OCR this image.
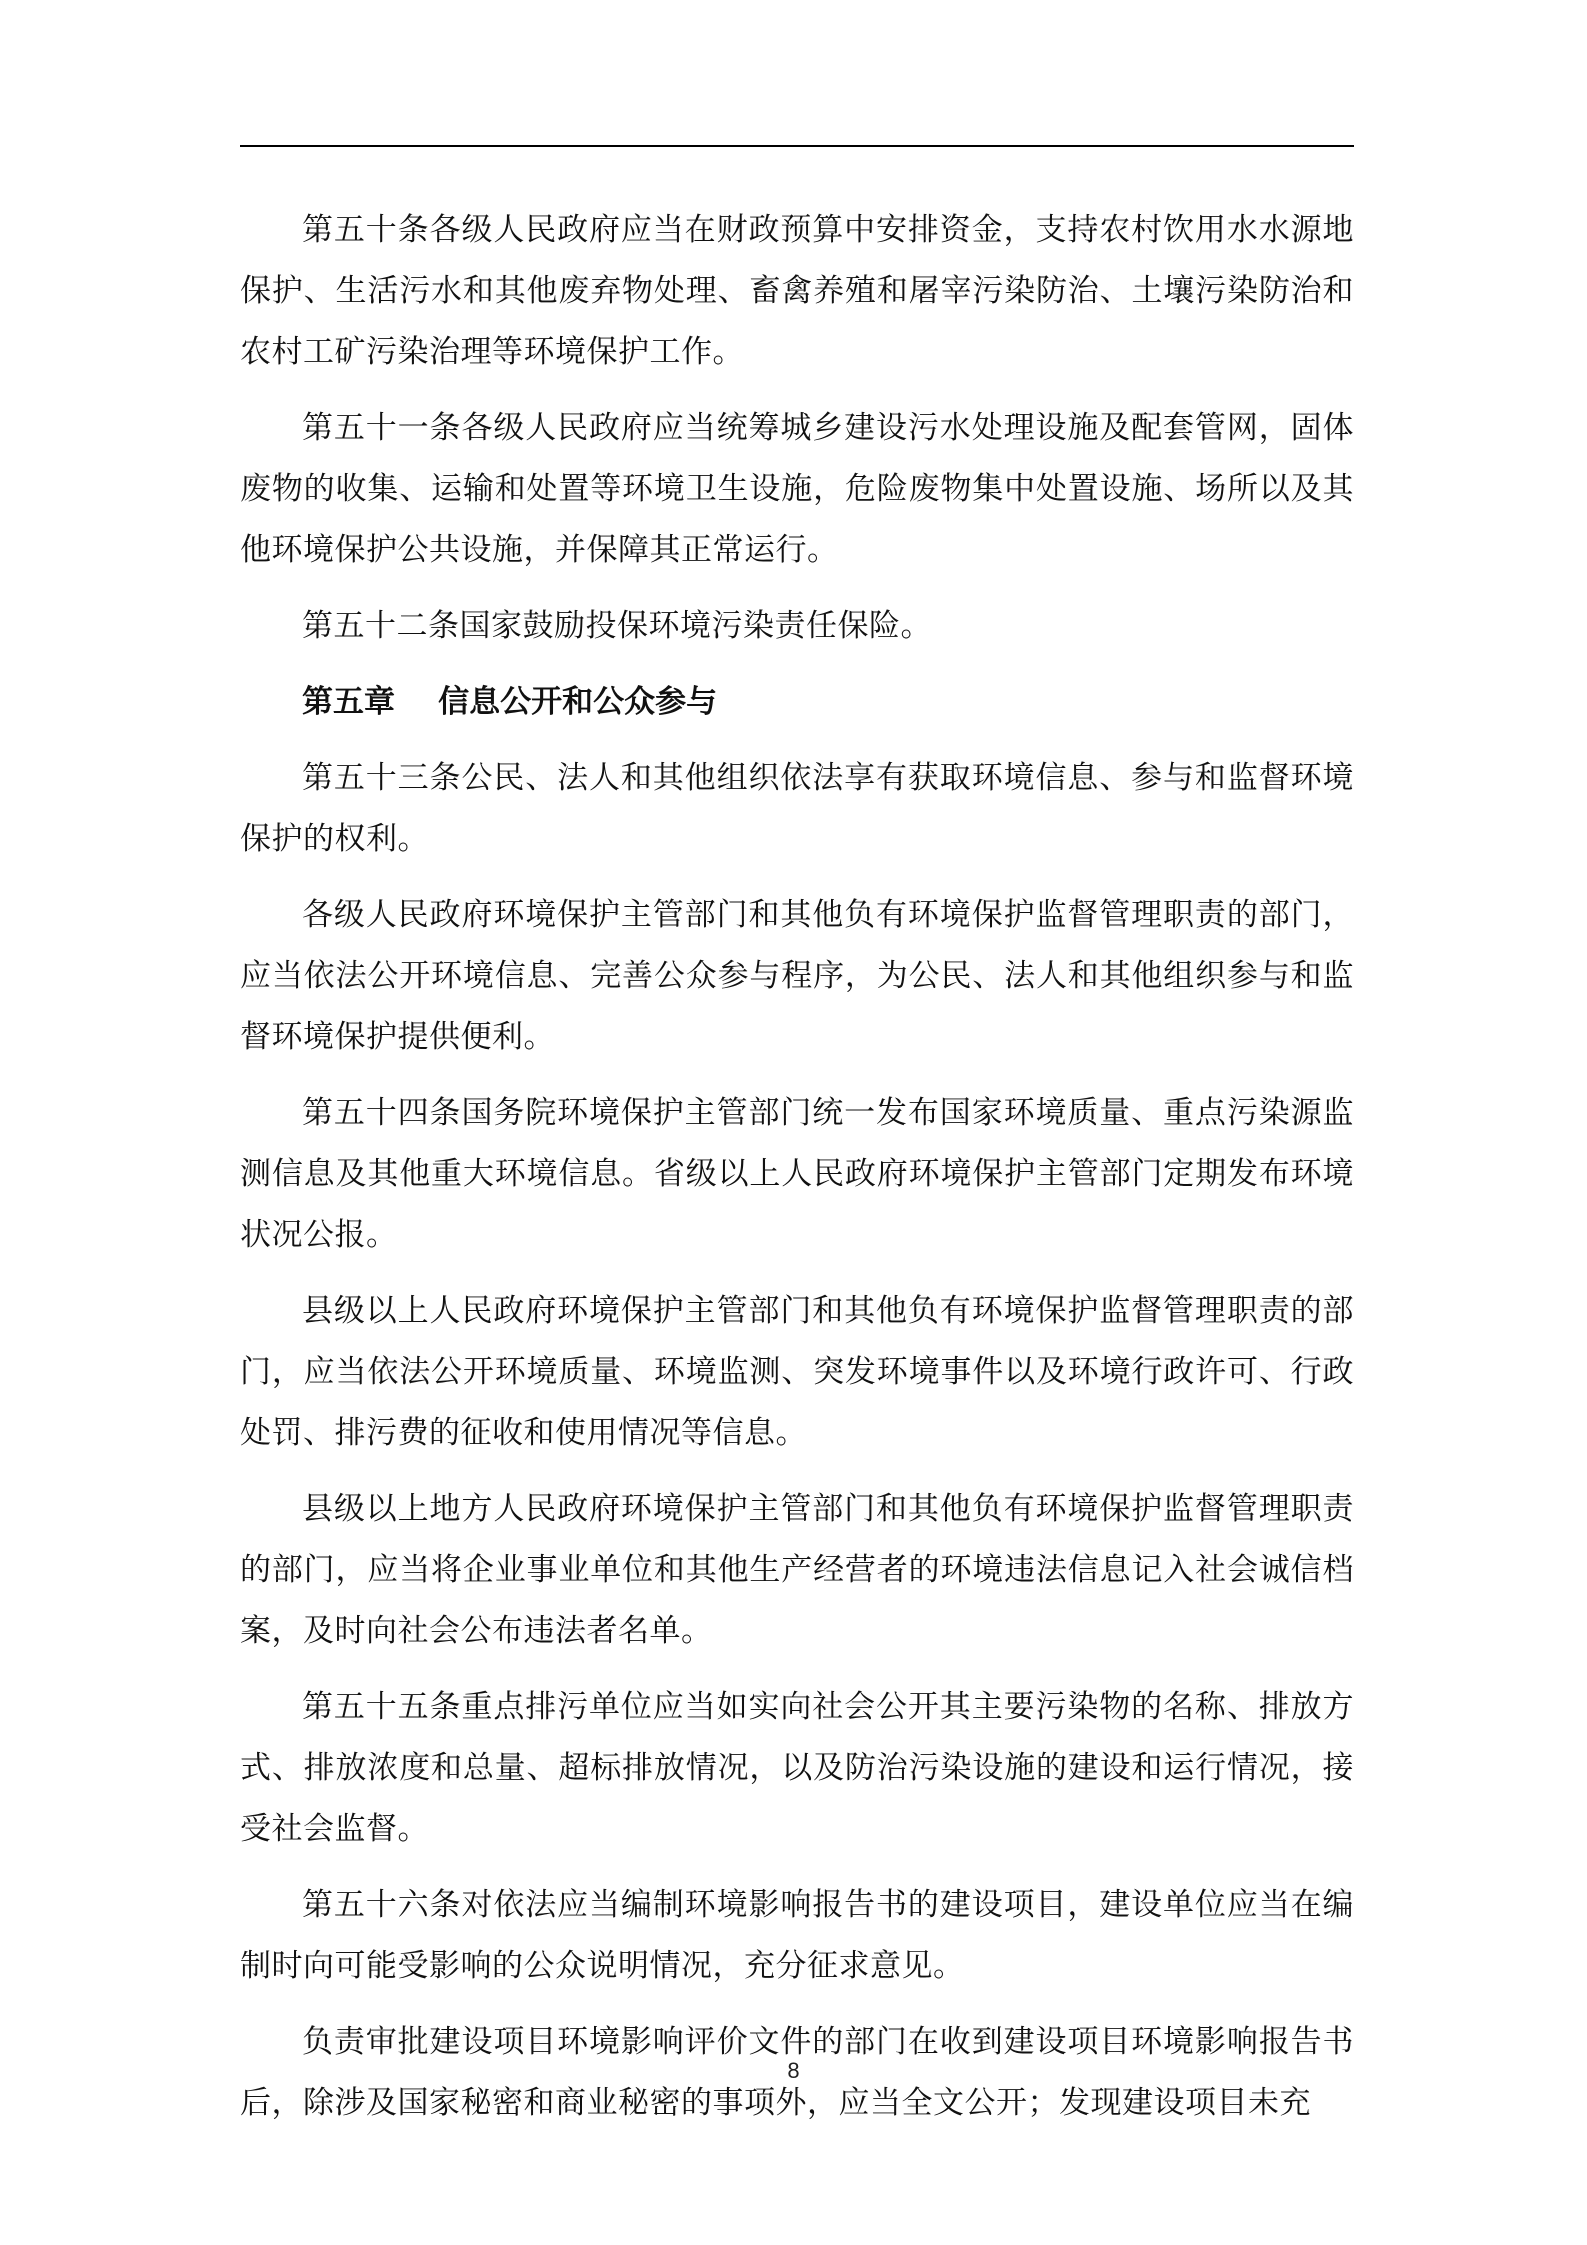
第五十条各级人民政府应当在财政预算中安排资金，支持农村饮用水水源地保护、生活污水和其他废弃物处理、畜禽养殖和屠宰污染防治、土壤污染防治和农村工矿污染治理等环境保护工作。

第五十一条各级人民政府应当统筹城乡建设污水处理设施及配套管网，固体废物的收集、运输和处置等环境卫生设施，危险废物集中处置设施、场所以及其他环境保护公共设施，并保障其正常运行。

第五十二条国家鼓励投保环境污染责任保险。

第五章    信息公开和公众参与

第五十三条公民、法人和其他组织依法享有获取环境信息、参与和监督环境保护的权利。

各级人民政府环境保护主管部门和其他负有环境保护监督管理职责的部门，应当依法公开环境信息、完善公众参与程序，为公民、法人和其他组织参与和监督环境保护提供便利。

第五十四条国务院环境保护主管部门统一发布国家环境质量、重点污染源监测信息及其他重大环境信息。省级以上人民政府环境保护主管部门定期发布环境状况公报。

县级以上人民政府环境保护主管部门和其他负有环境保护监督管理职责的部门，应当依法公开环境质量、环境监测、突发环境事件以及环境行政许可、行政处罚、排污费的征收和使用情况等信息。

县级以上地方人民政府环境保护主管部门和其他负有环境保护监督管理职责的部门，应当将企业事业单位和其他生产经营者的环境违法信息记入社会诚信档案，及时向社会公布违法者名单。

第五十五条重点排污单位应当如实向社会公开其主要污染物的名称、排放方式、排放浓度和总量、超标排放情况，以及防治污染设施的建设和运行情况，接受社会监督。

第五十六条对依法应当编制环境影响报告书的建设项目，建设单位应当在编制时向可能受影响的公众说明情况，充分征求意见。

负责审批建设项目环境影响评价文件的部门在收到建设项目环境影响报告书后，除涉及国家秘密和商业秘密的事项外，应当全文公开；发现建设项目未充

8
